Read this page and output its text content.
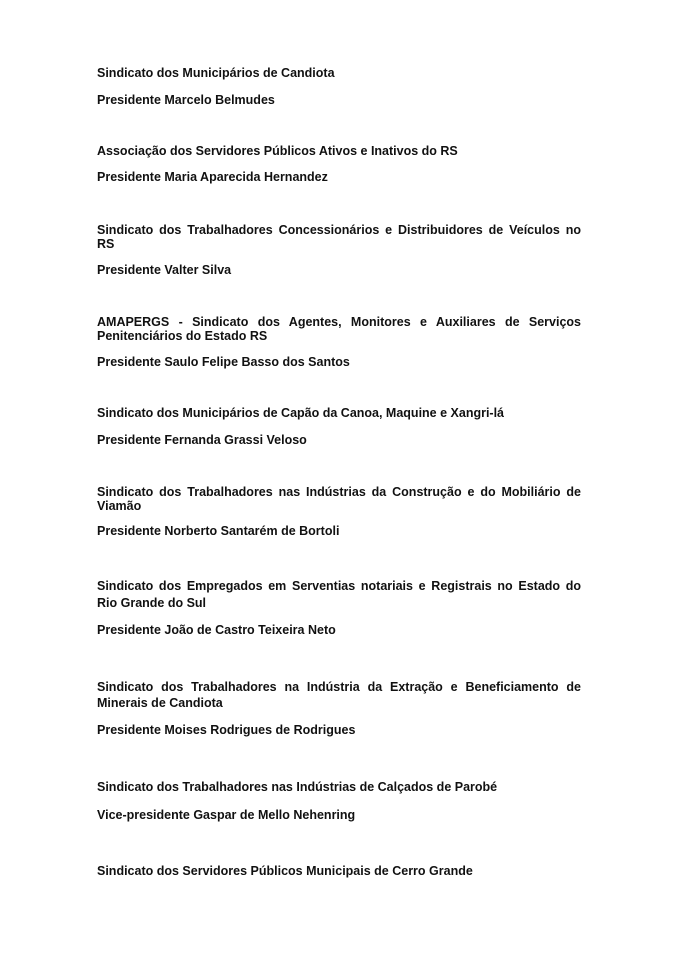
Sindicato dos Municipários de Candiota

Presidente Marcelo Belmudes

Associação dos Servidores Públicos Ativos e Inativos do RS

Presidente Maria Aparecida Hernandez

Sindicato dos Trabalhadores Concessionários e Distribuidores de Veículos no RS

Presidente Valter Silva

AMAPERGS - Sindicato dos Agentes, Monitores e Auxiliares de Serviços Penitenciários do Estado RS

Presidente Saulo Felipe Basso dos Santos

Sindicato dos Municipários de Capão da Canoa, Maquine e Xangri-lá

Presidente Fernanda Grassi Veloso

Sindicato dos Trabalhadores nas Indústrias da Construção e do Mobiliário de Viamão

Presidente Norberto Santarém de Bortoli

Sindicato dos Empregados em Serventias notariais e Registrais no Estado do Rio Grande do Sul

Presidente João de Castro Teixeira Neto

Sindicato dos Trabalhadores na Indústria da Extração e Beneficiamento de Minerais de Candiota

Presidente Moises Rodrigues de Rodrigues

Sindicato dos Trabalhadores nas Indústrias de Calçados de Parobé

Vice-presidente Gaspar de Mello Nehenring

Sindicato dos Servidores Públicos Municipais de Cerro Grande
